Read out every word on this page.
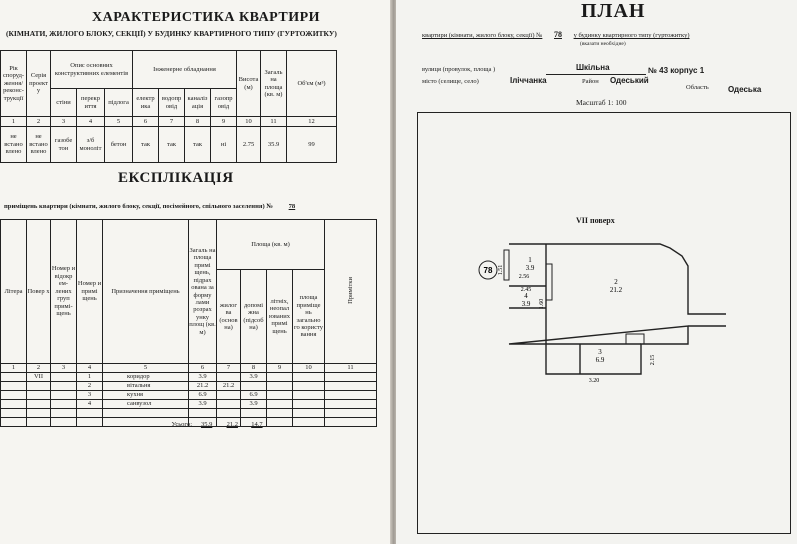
ХАРАКТЕРИСТИКА КВАРТИРИ
(КІМНАТИ, ЖИЛОГО БЛОКУ, СЕКЦІЇ) У БУДИНКУ КВАРТИРНОГО ТИПУ (ГУРТОЖИТКУ)
Рік споруд-ження/ реконс-трукції	Серія проект у	Опис основних конструктивних елементів			Інженерне обладнання				Висота (м)	Загаль на площа (кв. м)	Об'єм (м³)
		стіни	перекр иття	підлога	електр ика	водопр овід	каналіз ація	газопр овід			
1	2	3	4	5	6	7	8	9	10	11	12
не встано влено	не встано влено	газобе тон	з/б моноліт	бетон	так	так	так	ні	2.75	35.9	99
ЕКСПЛІКАЦІЯ
приміщень квартири (кімнати, жилого блоку, секції, посімейного, спільного заселення) № 78
Літера	Повер х	Номер и відокр ем- лених груп примі- щень	Номер и примі щень	Призначення приміщень	Загаль на площа примі щень, підрах ована за форму лами розрах унку площ (кв. м)	Площа (кв. м)				Примітки
						жилог ва (основ на)	допомі жна (підсоб на)	літніх, неопал юваних примі щень	площа приміще нь загально го користу вання	
1	2	3	4	5	6	7	8	9	10	11
	VII		1	коридор	3.9		3.9			
			2	вітальня	21.2	21.2				
			3	кухня	6.9		6.9			
			4	санвузол	3.9		3.9			

Усього: 35.9 21.2 14.7
ПЛАН
квартири (кімнати, жилого блоку, секції) № 78 у будинку квартирного типу (гуртожитку)
(вказати необхідне)
вулиця (провулок, площа )	Шкільна	№ 43 корпус 1
місто (селище, село)	Іліччанка	Район Одеський
Область Одеська
Масштаб 1: 100
VII поверх
78
1
3.9
2
21.2
4
3.9
3
6.9
2.56
2.45
3.20
1.51
1.60
2.15
